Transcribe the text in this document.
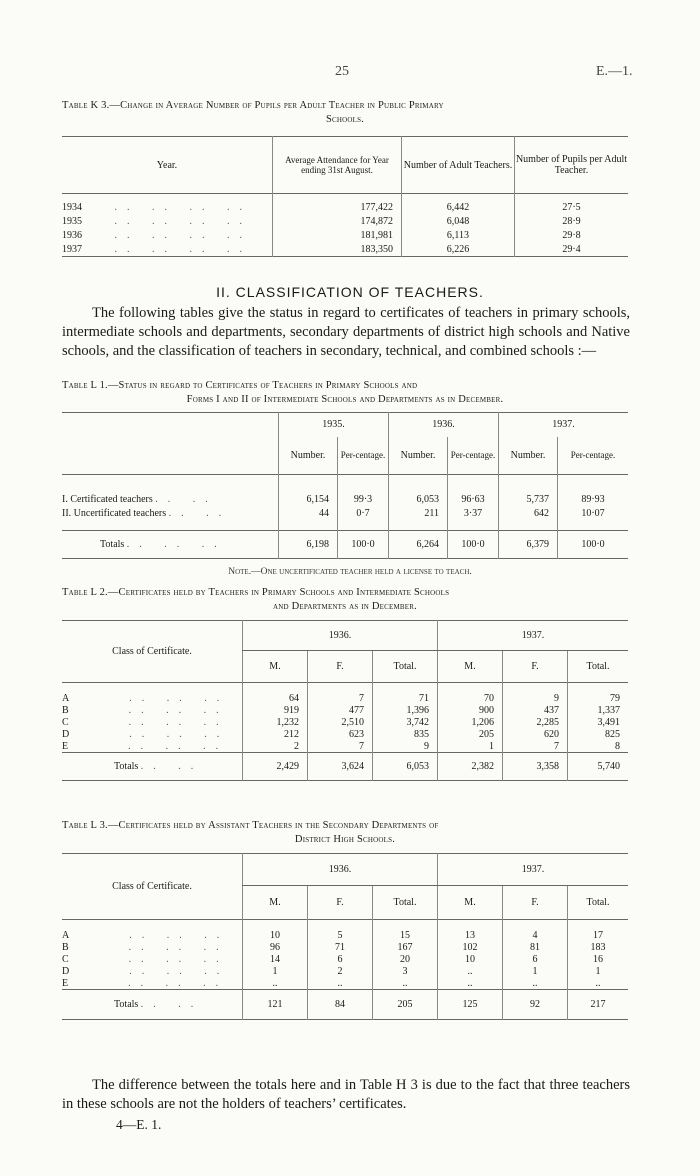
25	E.—1.
Table K 3.—Change in Average Number of Pupils per Adult Teacher in Public Primary
Schools.
Year.	Average Attendance for Year ending 31st August.	Number of Adult Teachers.	Number of Pupils per Adult Teacher.

1934 .. .. .. ..	177,422	6,442	27·5
1935 .. .. .. ..	174,872	6,048	28·9
1936 .. .. .. ..	181,981	6,113	29·8
1937 .. .. .. ..	183,350	6,226	29·4
II. CLASSIFICATION OF TEACHERS.
The following tables give the status in regard to certificates of teachers in primary schools, intermediate schools and departments, secondary departments of district high schools and Native schools, and the classification of teachers in secondary, technical, and combined schools :—
Table L 1.—Status in regard to Certificates of Teachers in Primary Schools and
Forms I and II of Intermediate Schools and Departments as in December.
	1935.		1936.		1937.	
	Number.	Per-centage.	Number.	Per-centage.	Number.	Per-centage.

I. Certificated teachers .. ..	6,154	99·3	6,053	96·63	5,737	89·93
II. Uncertificated teachers .. ..	44	0·7	211	3·37	642	10·07

Totals .. .. ..	6,198	100·0	6,264	100·0	6,379	100·0
Note.—One uncertificated teacher held a license to teach.
Table L 2.—Certificates held by Teachers in Primary Schools and Intermediate Schools
and Departments as in December.
Class of Certificate.	1936.			1937.		
	M.	F.	Total.	M.	F.	Total.

A .. .. ..	64	7	71	70	9	79
B .. .. ..	919	477	1,396	900	437	1,337
C .. .. ..	1,232	2,510	3,742	1,206	2,285	3,491
D .. .. ..	212	623	835	205	620	825
E .. .. ..	2	7	9	1	7	8
Totals .. ..	2,429	3,624	6,053	2,382	3,358	5,740
Table L 3.—Certificates held by Assistant Teachers in the Secondary Departments of
District High Schools.
Class of Certificate.	1936.			1937.		
	M.	F.	Total.	M.	F.	Total.

A .. .. ..	10	5	15	13	4	17
B .. .. ..	96	71	167	102	81	183
C .. .. ..	14	6	20	10	6	16
D .. .. ..	1	2	3	..	1	1
E .. .. ..	..	..	..	..	..	..
Totals .. ..	121	84	205	125	92	217
The difference between the totals here and in Table H 3 is due to the fact that three teachers in these schools are not the holders of teachers’ certificates.
4—E. 1.
